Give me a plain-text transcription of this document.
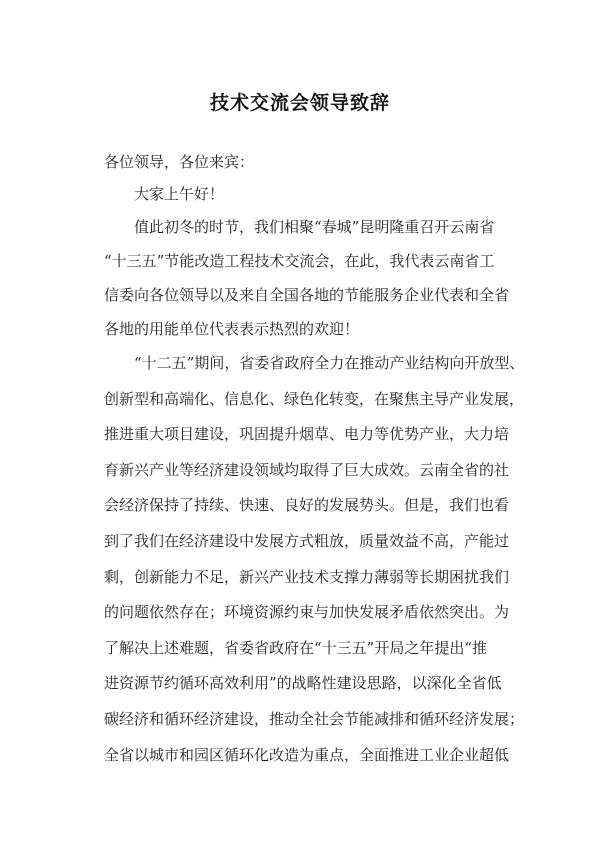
技术交流会领导致辞

各位领导，各位来宾：

大家上午好！

值此初冬的时节，我们相聚“春城”昆明隆重召开云南省
“十三五”节能改造工程技术交流会，在此，我代表云南省工
信委向各位领导以及来自全国各地的节能服务企业代表和全省
各地的用能单位代表表示热烈的欢迎！
“十二五”期间，省委省政府全力在推动产业结构向开放型、
创新型和高端化、信息化、绿色化转变，在聚焦主导产业发展，
推进重大项目建设，巩固提升烟草、电力等优势产业，大力培
育新兴产业等经济建设领域均取得了巨大成效。云南全省的社
会经济保持了持续、快速、良好的发展势头。但是，我们也看
到了我们在经济建设中发展方式粗放，质量效益不高，产能过
剩，创新能力不足，新兴产业技术支撑力薄弱等长期困扰我们
的问题依然存在；环境资源约束与加快发展矛盾依然突出。为
了解决上述难题，省委省政府在“十三五”开局之年提出“推
进资源节约循环高效利用”的战略性建设思路，以深化全省低
碳经济和循环经济建设，推动全社会节能减排和循环经济发展；
全省以城市和园区循环化改造为重点，全面推进工业企业超低
